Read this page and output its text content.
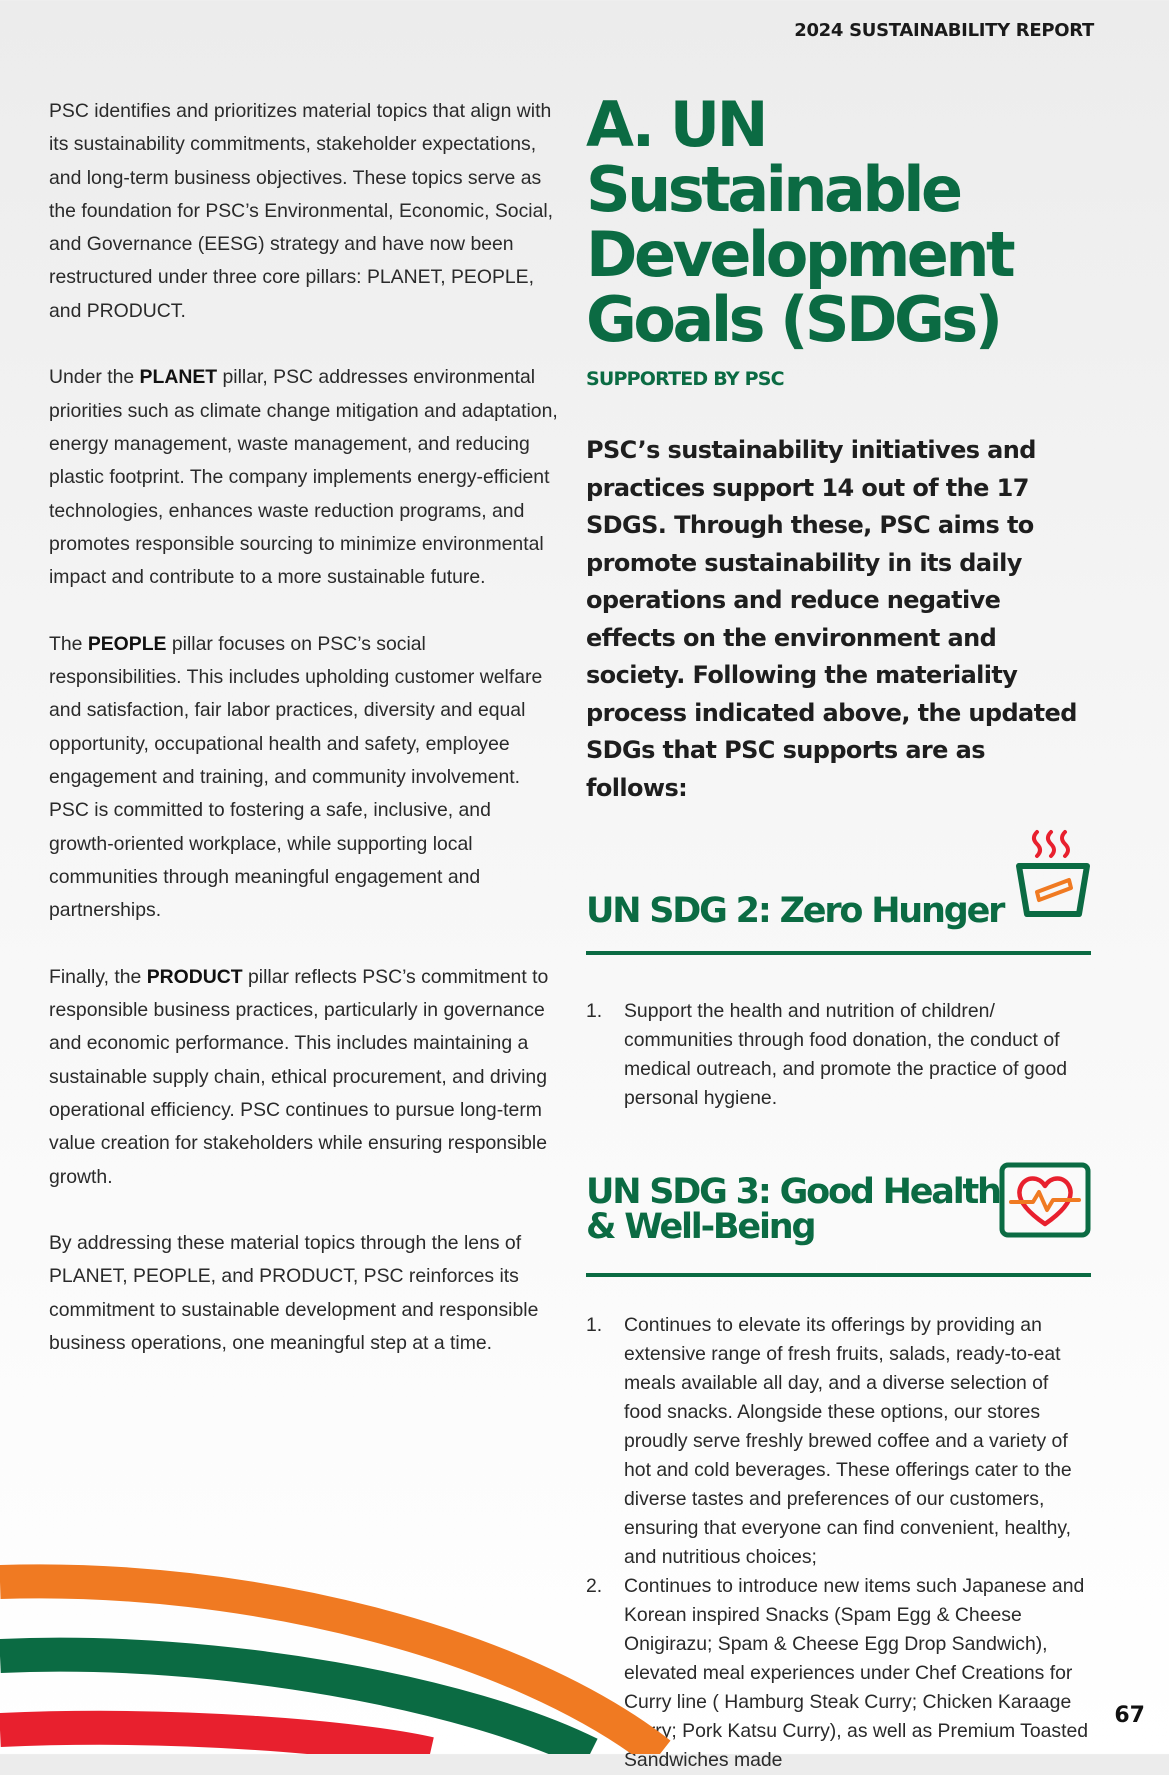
2024 SUSTAINABILITY REPORT

PSC identifies and prioritizes material topics that align with its sustainability commitments, stakeholder expectations, and long-term business objectives. These topics serve as the foundation for PSC’s Environmental, Economic, Social, and Governance (EESG) strategy and have now been restructured under three core pillars: PLANET, PEOPLE, and PRODUCT.

Under the PLANET pillar, PSC addresses environmental priorities such as climate change mitigation and adaptation, energy management, waste management, and reducing plastic footprint. The company implements energy-efficient technologies, enhances waste reduction programs, and promotes responsible sourcing to minimize environmental impact and contribute to a more sustainable future.

The PEOPLE pillar focuses on PSC’s social responsibilities. This includes upholding customer welfare and satisfaction, fair labor practices, diversity and equal opportunity, occupational health and safety, employee engagement and training, and community involvement. PSC is committed to fostering a safe, inclusive, and growth-oriented workplace, while supporting local communities through meaningful engagement and partnerships.

Finally, the PRODUCT pillar reflects PSC’s commitment to responsible business practices, particularly in governance and economic performance. This includes maintaining a sustainable supply chain, ethical procurement, and driving operational efficiency. PSC continues to pursue long-term value creation for stakeholders while ensuring responsible growth.

By addressing these material topics through the lens of PLANET, PEOPLE, and PRODUCT, PSC reinforces its commitment to sustainable development and responsible business operations, one meaningful step at a time.

A. UN Sustainable Development Goals (SDGs)
SUPPORTED BY PSC
PSC’s sustainability initiatives and practices support 14 out of the 17 SDGS. Through these, PSC aims to promote sustainability in its daily operations and reduce negative effects on the environment and society. Following the materiality process indicated above, the updated SDGs that PSC supports are as follows:
UN SDG 2: Zero Hunger
1. Support the health and nutrition of children/ communities through food donation, the conduct of medical outreach, and promote the practice of good personal hygiene.
UN SDG 3: Good Health
& Well-Being
1. Continues to elevate its offerings by providing an extensive range of fresh fruits, salads, ready-to-eat meals available all day, and a diverse selection of food snacks. Alongside these options, our stores proudly serve freshly brewed coffee and a variety of hot and cold beverages. These offerings cater to the diverse tastes and preferences of our customers, ensuring that everyone can find convenient, healthy, and nutritious choices;
2. Continues to introduce new items such Japanese and Korean inspired Snacks (Spam Egg & Cheese Onigirazu; Spam & Cheese Egg Drop Sandwich), elevated meal experiences under Chef Creations for Curry line ( Hamburg Steak Curry; Chicken Karaage Curry; Pork Katsu Curry), as well as Premium Toasted Sandwiches made
67
